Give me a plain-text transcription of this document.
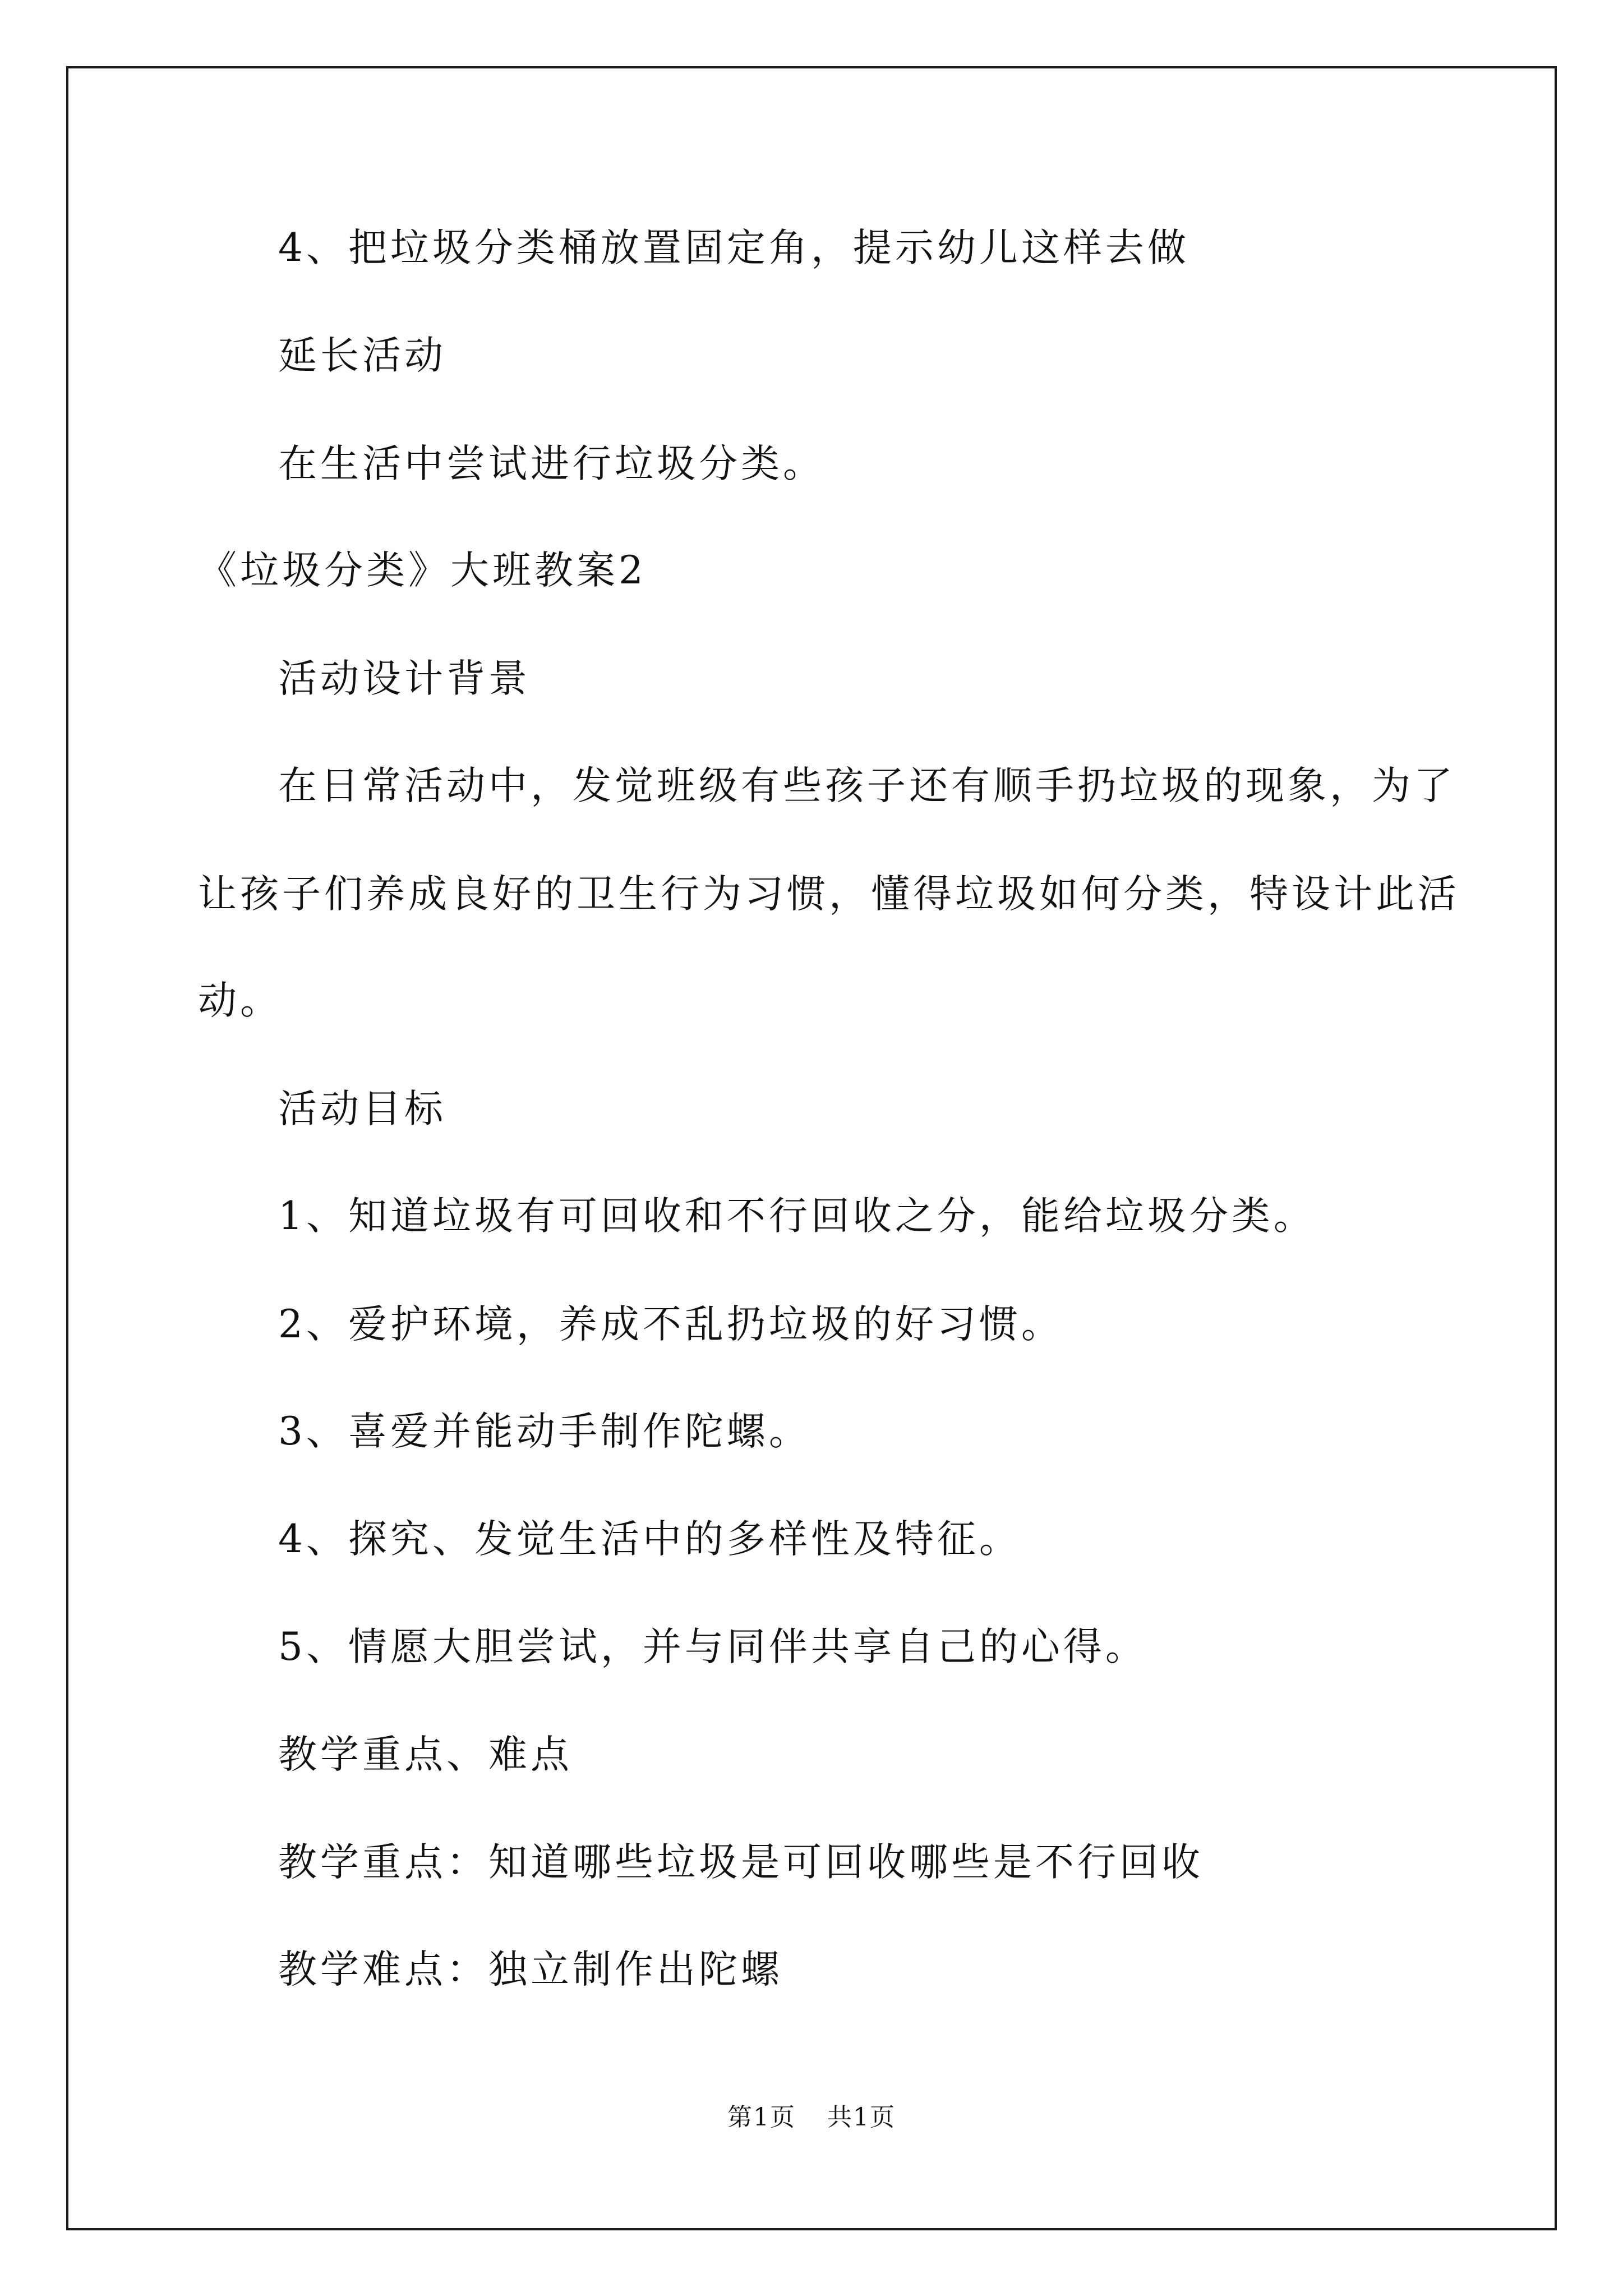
4、把垃圾分类桶放置固定角，提示幼儿这样去做
延长活动
在生活中尝试进行垃圾分类。
《垃圾分类》大班教案2
活动设计背景
在日常活动中，发觉班级有些孩子还有顺手扔垃圾的现象，为了
让孩子们养成良好的卫生行为习惯，懂得垃圾如何分类，特设计此活
动。
活动目标
1、知道垃圾有可回收和不行回收之分，能给垃圾分类。
2、爱护环境，养成不乱扔垃圾的好习惯。
3、喜爱并能动手制作陀螺。
4、探究、发觉生活中的多样性及特征。
5、情愿大胆尝试，并与同伴共享自己的心得。
教学重点、难点
教学重点：知道哪些垃圾是可回收哪些是不行回收
教学难点：独立制作出陀螺
第1页 共1页
